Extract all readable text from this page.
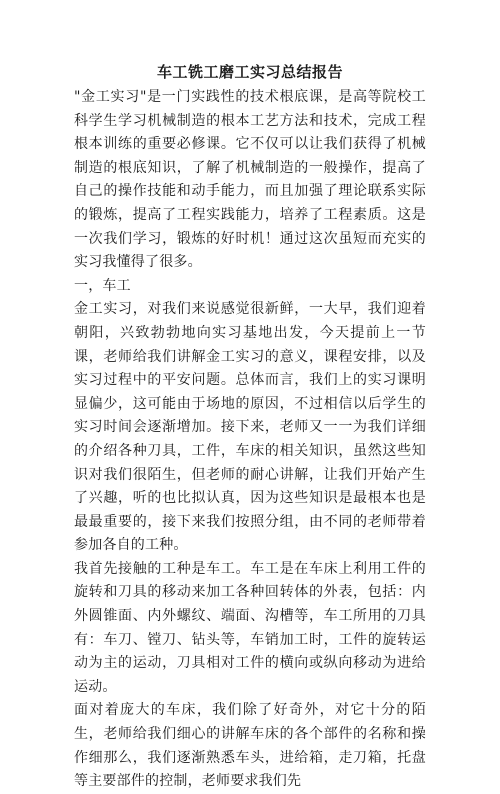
车工铣工磨工实习总结报告

"金工实习"是一门实践性的技术根底课，是高等院校工科学生学习机械制造的根本工艺方法和技术，完成工程根本训练的重要必修课。它不仅可以让我们获得了机械制造的根底知识，了解了机械制造的一般操作，提高了自己的操作技能和动手能力，而且加强了理论联系实际的锻炼，提高了工程实践能力，培养了工程素质。这是一次我们学习，锻炼的好时机！通过这次虽短而充实的实习我懂得了很多。

一，车工

金工实习，对我们来说感觉很新鲜，一大早，我们迎着朝阳，兴致勃勃地向实习基地出发，今天提前上一节课，老师给我们讲解金工实习的意义，课程安排，以及实习过程中的平安问题。总体而言，我们上的实习课明显偏少，这可能由于场地的原因，不过相信以后学生的实习时间会逐渐增加。接下来，老师又一一为我们详细的介绍各种刀具，工件，车床的相关知识，虽然这些知识对我们很陌生，但老师的耐心讲解，让我们开始产生了兴趣，听的也比拟认真，因为这些知识是最根本也是最最重要的，接下来我们按照分组，由不同的老师带着参加各自的工种。

我首先接触的工种是车工。车工是在车床上利用工件的旋转和刀具的移动来加工各种回转体的外表，包括：内外圆锥面、内外螺纹、端面、沟槽等，车工所用的刀具有：车刀、镗刀、钻头等，车销加工时，工件的旋转运动为主的运动，刀具相对工件的横向或纵向移动为进给运动。

面对着庞大的车床，我们除了好奇外，对它十分的陌生，老师给我们细心的讲解车床的各个部件的名称和操作细那么，我们逐渐熟悉车头，进给箱，走刀箱，托盘等主要部件的控制，老师要求我们先
